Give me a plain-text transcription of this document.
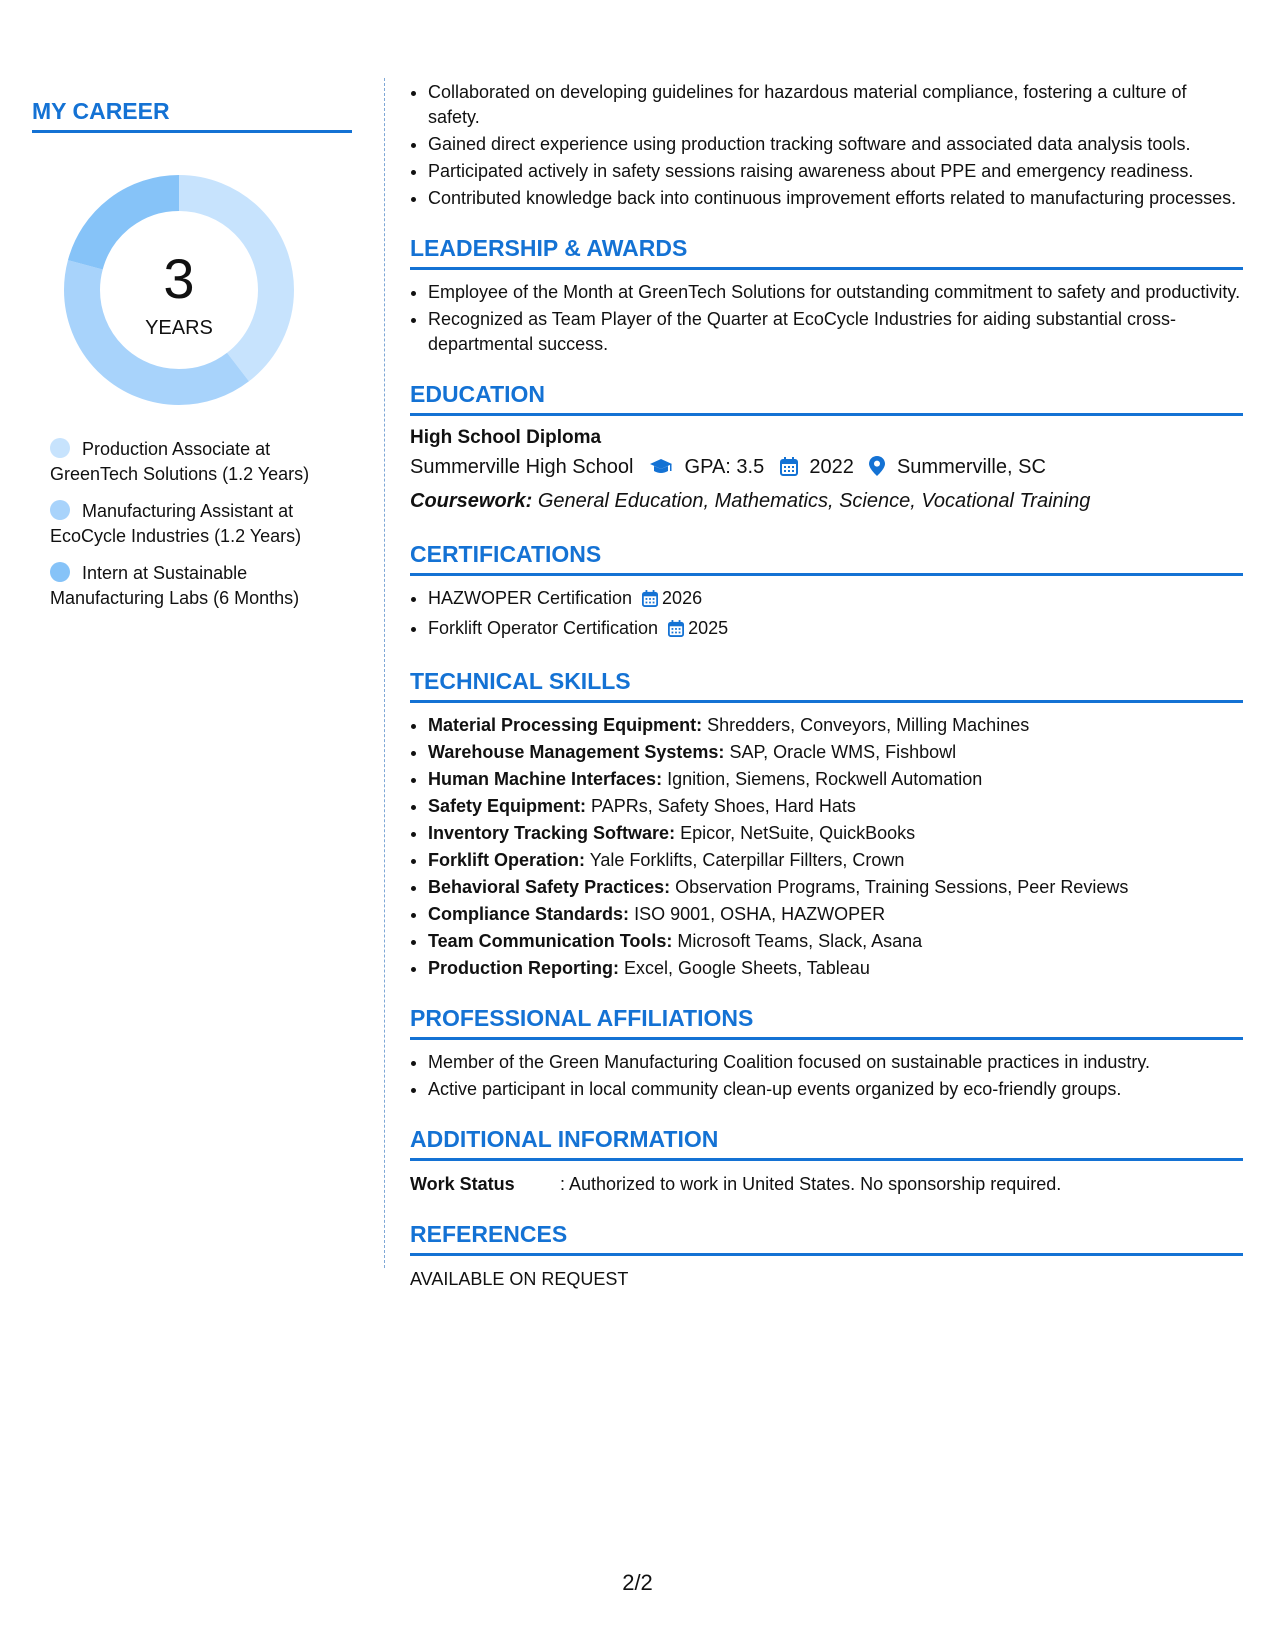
MY CAREER
3
YEARS
Production Associate at GreenTech Solutions (1.2 Years)
Manufacturing Assistant at EcoCycle Industries (1.2 Years)
Intern at Sustainable Manufacturing Labs (6 Months)
• Collaborated on developing guidelines for hazardous material compliance, fostering a culture of safety.
• Gained direct experience using production tracking software and associated data analysis tools.
• Participated actively in safety sessions raising awareness about PPE and emergency readiness.
• Contributed knowledge back into continuous improvement efforts related to manufacturing processes.
LEADERSHIP & AWARDS
• Employee of the Month at GreenTech Solutions for outstanding commitment to safety and productivity.
• Recognized as Team Player of the Quarter at EcoCycle Industries for aiding substantial cross-departmental success.
EDUCATION
High School Diploma
Summerville High School	GPA: 3.5 2022 Summerville, SC
Coursework: General Education, Mathematics, Science, Vocational Training
CERTIFICATIONS
• HAZWOPER Certification 2026
• Forklift Operator Certification 2025
TECHNICAL SKILLS
• Material Processing Equipment: Shredders, Conveyors, Milling Machines
• Warehouse Management Systems: SAP, Oracle WMS, Fishbowl
• Human Machine Interfaces: Ignition, Siemens, Rockwell Automation
• Safety Equipment: PAPRs, Safety Shoes, Hard Hats
• Inventory Tracking Software: Epicor, NetSuite, QuickBooks
• Forklift Operation: Yale Forklifts, Caterpillar Fillters, Crown
• Behavioral Safety Practices: Observation Programs, Training Sessions, Peer Reviews
• Compliance Standards: ISO 9001, OSHA, HAZWOPER
• Team Communication Tools: Microsoft Teams, Slack, Asana
• Production Reporting: Excel, Google Sheets, Tableau
PROFESSIONAL AFFILIATIONS
• Member of the Green Manufacturing Coalition focused on sustainable practices in industry.
• Active participant in local community clean-up events organized by eco-friendly groups.
ADDITIONAL INFORMATION
Work Status	: Authorized to work in United States. No sponsorship required.
REFERENCES
AVAILABLE ON REQUEST
2/2
